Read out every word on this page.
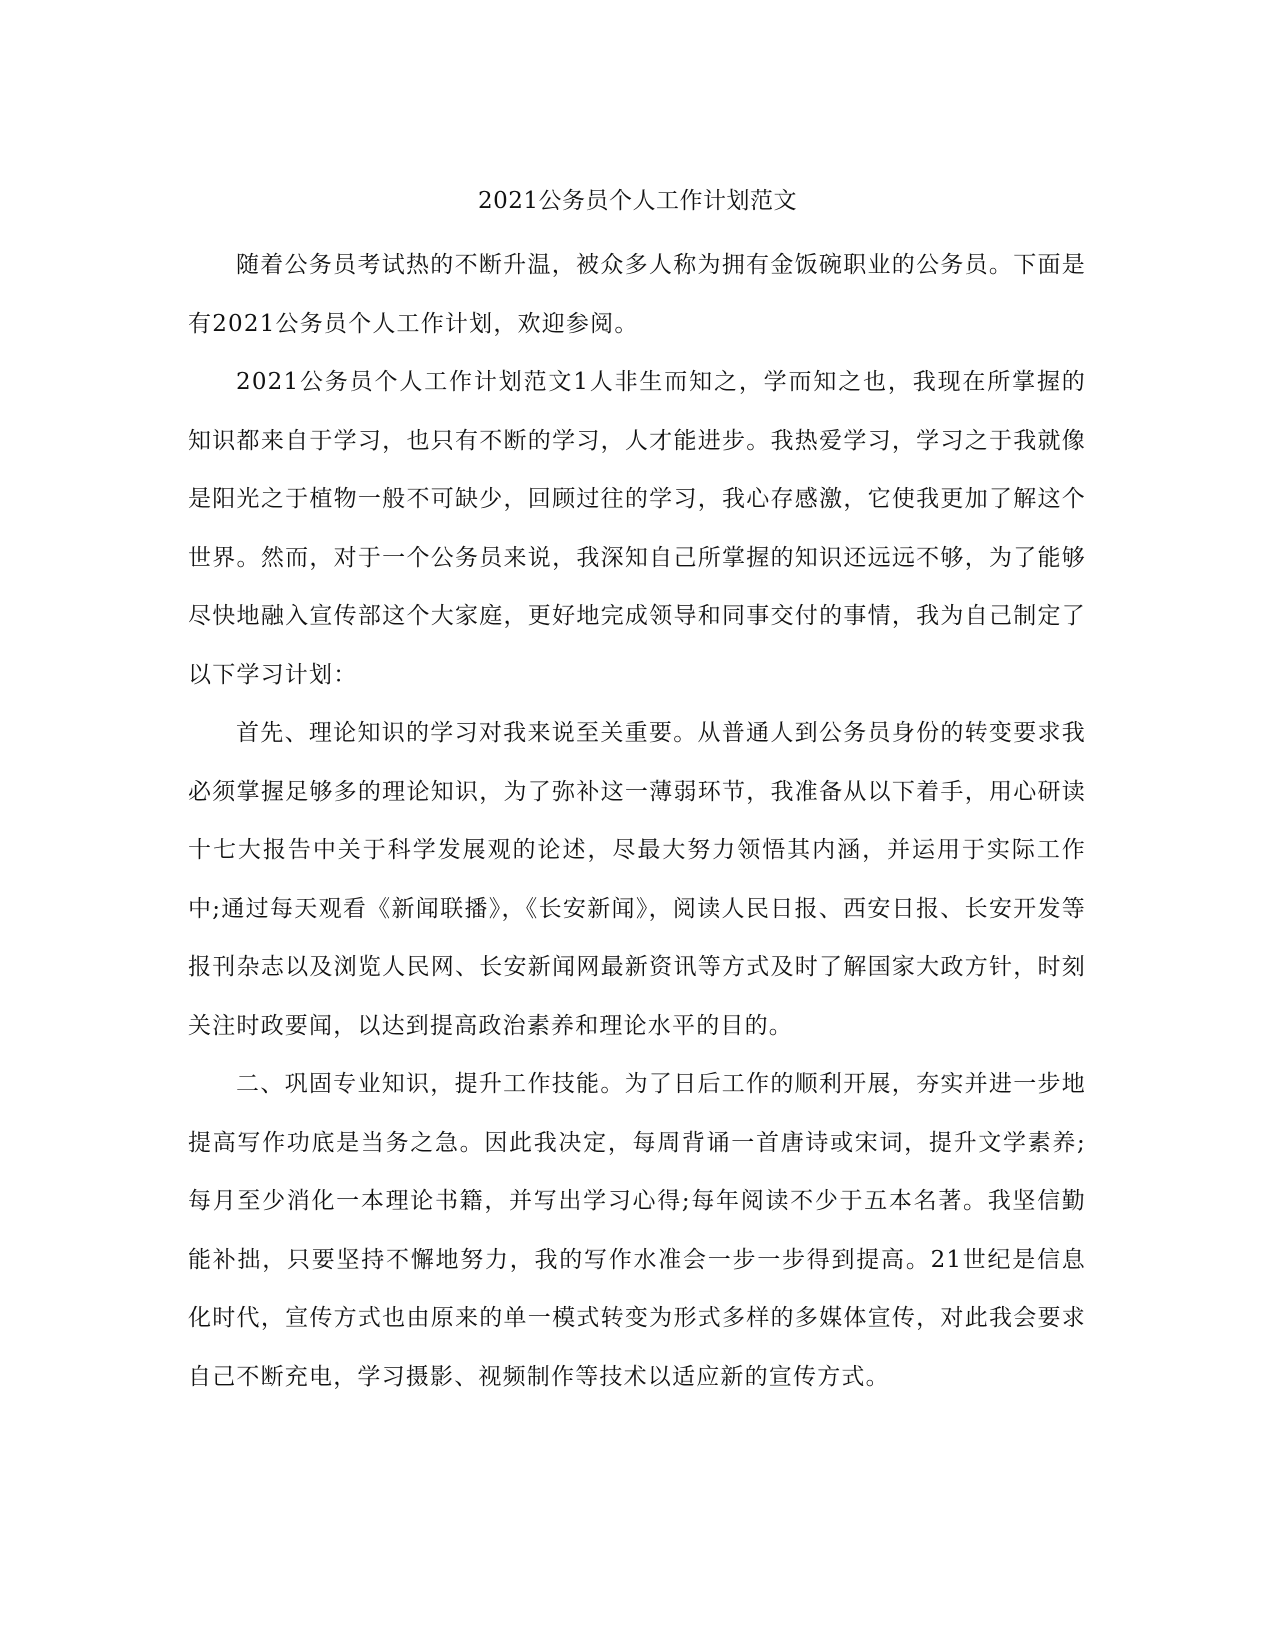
2021公务员个人工作计划范文

随着公务员考试热的不断升温，被众多人称为拥有金饭碗职业的公务员。下面是有2021公务员个人工作计划，欢迎参阅。

2021公务员个人工作计划范文1人非生而知之，学而知之也，我现在所掌握的知识都来自于学习，也只有不断的学习，人才能进步。我热爱学习，学习之于我就像是阳光之于植物一般不可缺少，回顾过往的学习，我心存感激，它使我更加了解这个世界。然而，对于一个公务员来说，我深知自己所掌握的知识还远远不够，为了能够尽快地融入宣传部这个大家庭，更好地完成领导和同事交付的事情，我为自己制定了以下学习计划：

首先、理论知识的学习对我来说至关重要。从普通人到公务员身份的转变要求我必须掌握足够多的理论知识，为了弥补这一薄弱环节，我准备从以下着手，用心研读十七大报告中关于科学发展观的论述，尽最大努力领悟其内涵，并运用于实际工作中;通过每天观看《新闻联播》，《长安新闻》，阅读人民日报、西安日报、长安开发等报刊杂志以及浏览人民网、长安新闻网最新资讯等方式及时了解国家大政方针，时刻关注时政要闻，以达到提高政治素养和理论水平的目的。

二、巩固专业知识，提升工作技能。为了日后工作的顺利开展，夯实并进一步地提高写作功底是当务之急。因此我决定，每周背诵一首唐诗或宋词，提升文学素养;每月至少消化一本理论书籍，并写出学习心得;每年阅读不少于五本名著。我坚信勤能补拙，只要坚持不懈地努力，我的写作水准会一步一步得到提高。21世纪是信息化时代，宣传方式也由原来的单一模式转变为形式多样的多媒体宣传，对此我会要求自己不断充电，学习摄影、视频制作等技术以适应新的宣传方式。
